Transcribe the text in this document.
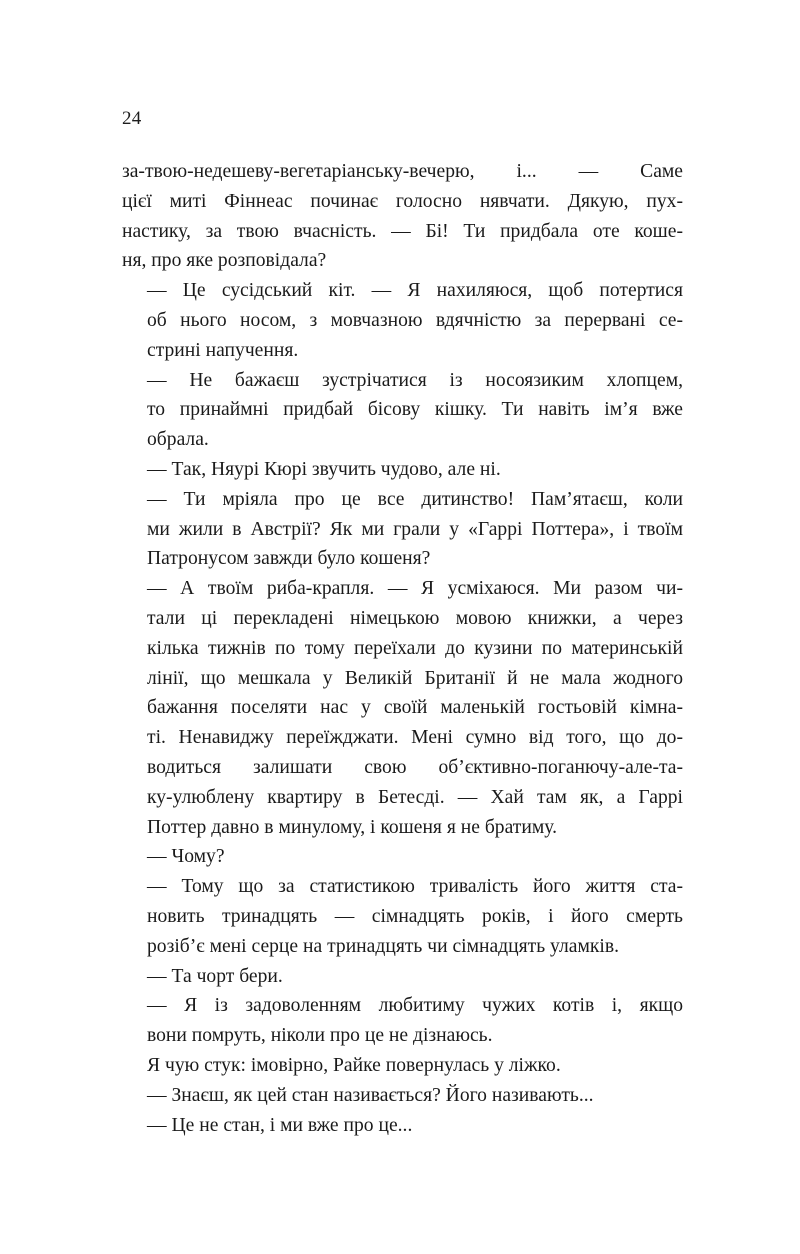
24

за-твою-недешеву-вегетаріанську-вечерю, і... — Саме
цієї миті Фіннеас починає голосно нявчати. Дякую, пух-
настику, за твою вчасність. — Бі! Ти придбала оте коше-
ня, про яке розповідала?

— Це сусідський кіт. — Я нахиляюся, щоб потертися
об нього носом, з мовчазною вдячністю за перервані се-
стрині напучення.

— Не бажаєш зустрічатися із носоязиким хлопцем,
то принаймні придбай бісову кішку. Ти навіть ім’я вже
обрала.

— Так, Няурі Кюрі звучить чудово, але ні.

— Ти мріяла про це все дитинство! Пам’ятаєш, коли
ми жили в Австрії? Як ми грали у «Гаррі Поттера», і твоїм
Патронусом завжди було кошеня?

— А твоїм риба-крапля. — Я усміхаюся. Ми разом чи-
тали ці перекладені німецькою мовою книжки, а через
кілька тижнів по тому переїхали до кузини по материнській
лінії, що мешкала у Великій Британії й не мала жодного
бажання поселяти нас у своїй маленькій гостьовій кімна-
ті. Ненавиджу переїжджати. Мені сумно від того, що до-
водиться залишати свою об’єктивно-поганючу-але-та-
ку-улюблену квартиру в Бетесді. — Хай там як, а Гаррі
Поттер давно в минулому, і кошеня я не братиму.

— Чому?

— Тому що за статистикою тривалість його життя ста-
новить тринадцять — сімнадцять років, і його смерть
розіб’є мені серце на тринадцять чи сімнадцять уламків.

— Та чорт бери.

— Я із задоволенням любитиму чужих котів і, якщо
вони помруть, ніколи про це не дізнаюсь.

Я чую стук: імовірно, Райке повернулась у ліжко.

— Знаєш, як цей стан називається? Його називають...

— Це не стан, і ми вже про це...
